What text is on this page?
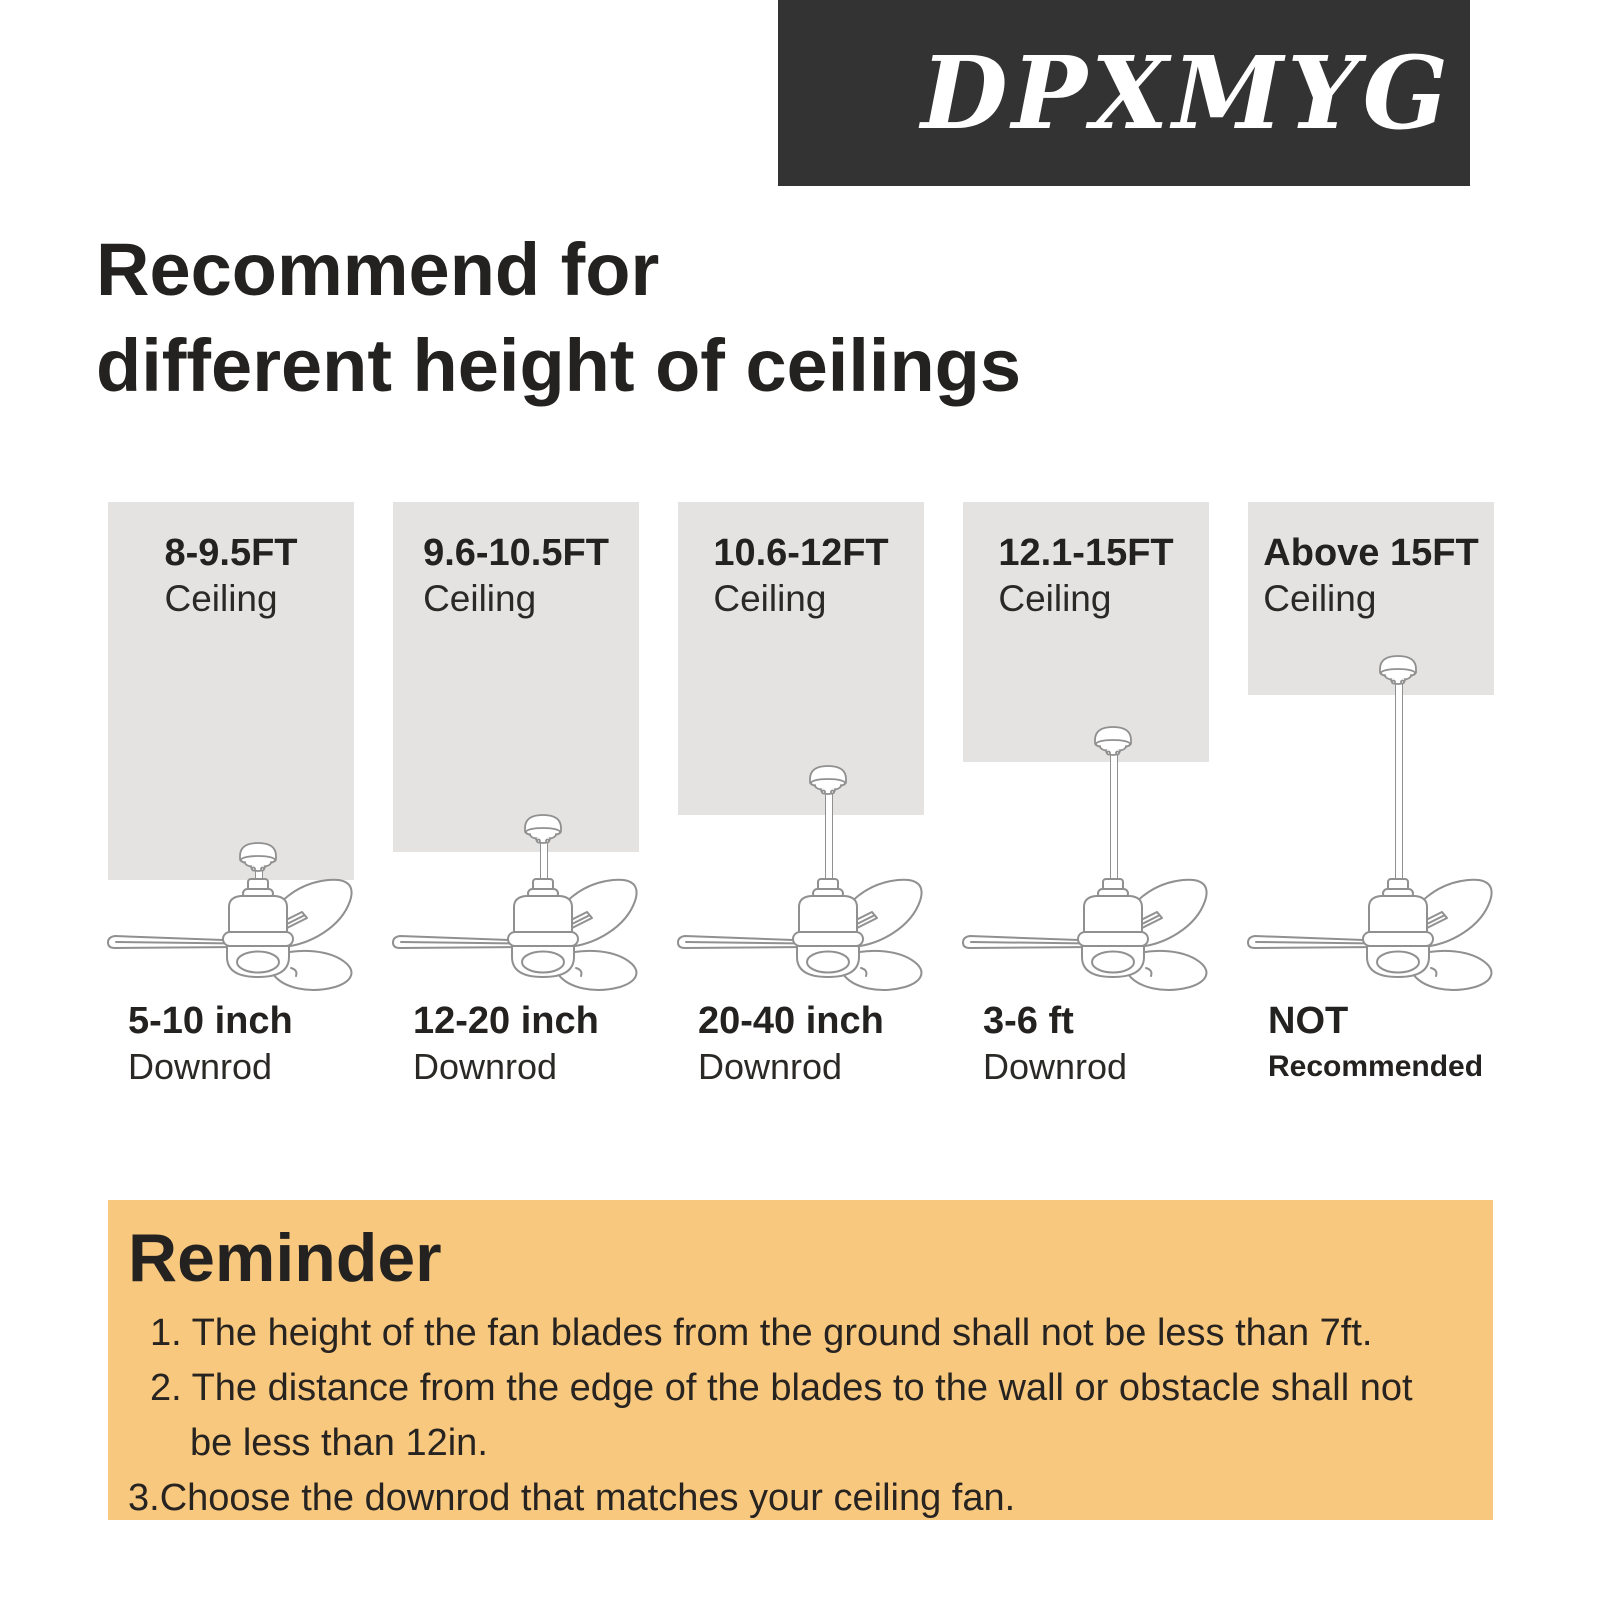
DPXMYG
Recommend for
different height of ceilings
8-9.5FT
Ceiling
5-10 inch
Downrod
9.6-10.5FT
Ceiling
12-20 inch
Downrod
10.6-12FT
Ceiling
20-40 inch
Downrod
12.1-15FT
Ceiling
3-6 ft
Downrod
Above 15FT
Ceiling
NOT
Recommended
Reminder
1. The height of the fan blades from the ground shall not be less than 7ft.
2. The distance from the edge of the blades to the wall or obstacle shall not
be less than 12in.
3.Choose the downrod that matches your ceiling fan.
